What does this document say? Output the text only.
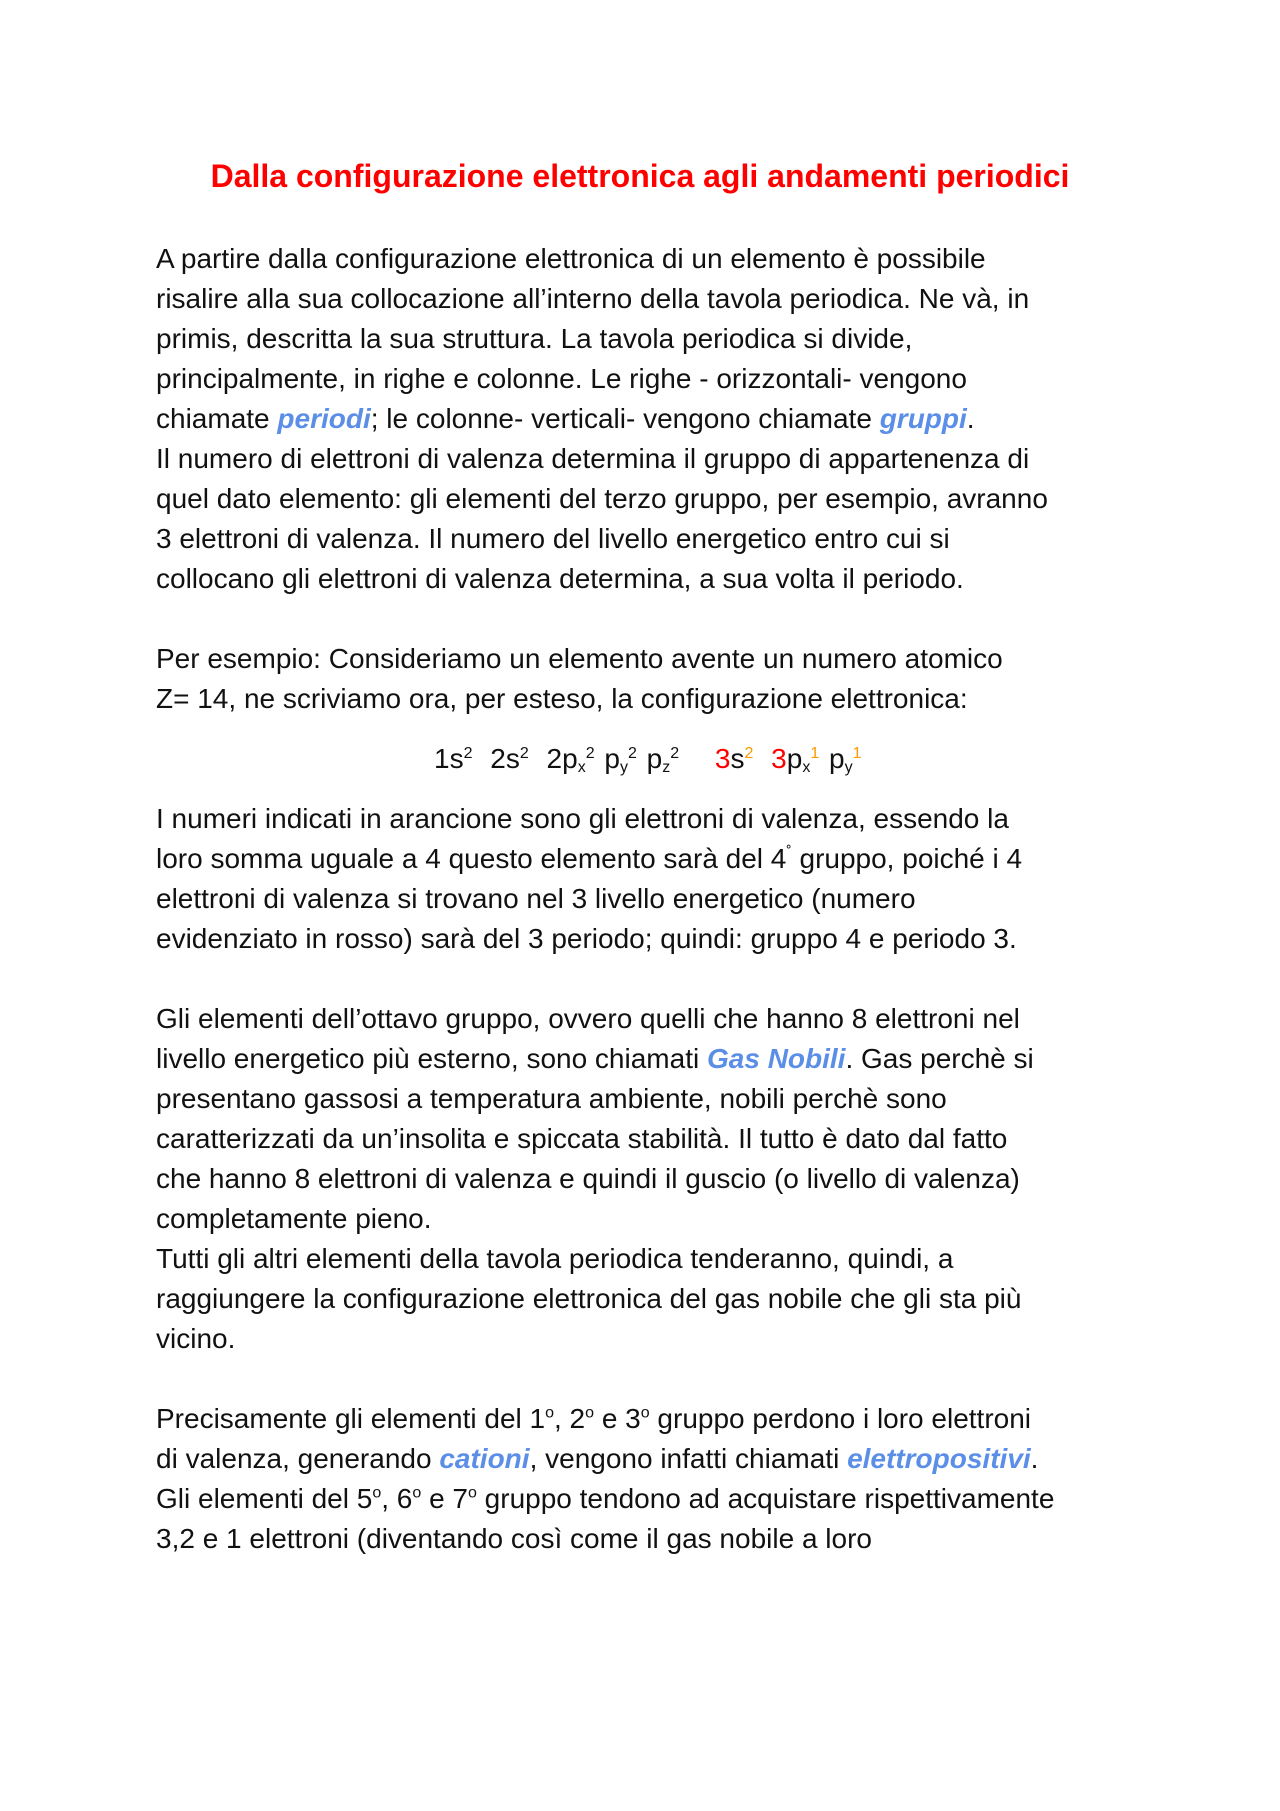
Dalla configurazione elettronica agli andamenti periodici
A partire dalla configurazione elettronica di un elemento è possibile
risalire alla sua collocazione all’interno della tavola periodica. Ne và, in
primis, descritta la sua struttura. La tavola periodica si divide,
principalmente, in righe e colonne. Le righe - orizzontali- vengono
chiamate periodi; le colonne- verticali- vengono chiamate gruppi.
Il numero di elettroni di valenza determina il gruppo di appartenenza di
quel dato elemento: gli elementi del terzo gruppo, per esempio, avranno
3 elettroni di valenza. Il numero del livello energetico entro cui si
collocano gli elettroni di valenza determina, a sua volta il periodo.
Per esempio: Consideriamo un elemento avente un numero atomico
Z= 14, ne scriviamo ora, per esteso, la configurazione elettronica:
$1s^2$ $2s^2$ $2p_x^2$ $p_y^2$ $p_z^2$ $3s^2$ $3p_x^1$ $p_y^1$
I numeri indicati in arancione sono gli elettroni di valenza, essendo la
loro somma uguale a 4 questo elemento sarà del 4˚ gruppo, poiché i 4
elettroni di valenza si trovano nel 3 livello energetico (numero
evidenziato in rosso) sarà del 3 periodo; quindi: gruppo 4 e periodo 3.
Gli elementi dell’ottavo gruppo, ovvero quelli che hanno 8 elettroni nel
livello energetico più esterno, sono chiamati Gas Nobili. Gas perchè si
presentano gassosi a temperatura ambiente, nobili perchè sono
caratterizzati da un’insolita e spiccata stabilità. Il tutto è dato dal fatto
che hanno 8 elettroni di valenza e quindi il guscio (o livello di valenza)
completamente pieno.
Tutti gli altri elementi della tavola periodica tenderanno, quindi, a
raggiungere la configurazione elettronica del gas nobile che gli sta più
vicino.
Precisamente gli elementi del 1$^o$, 2$^o$ e 3$^o$ gruppo perdono i loro elettroni
di valenza, generando cationi, vengono infatti chiamati elettropositivi.
Gli elementi del 5$^o$, 6$^o$ e 7$^o$ gruppo tendono ad acquistare rispettivamente
3,2 e 1 elettroni (diventando così come il gas nobile a loro
